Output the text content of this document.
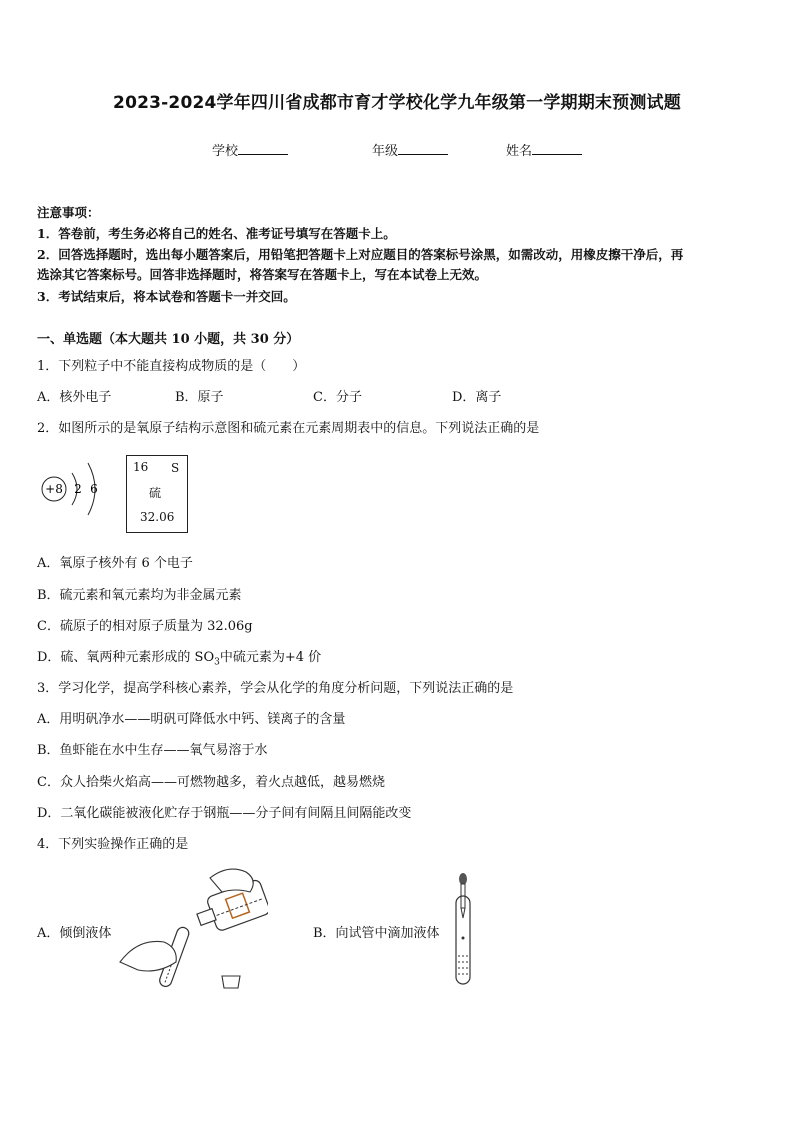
2023-2024学年四川省成都市育才学校化学九年级第一学期期末预测试题
学校	年级	姓名
注意事项：
1．答卷前，考生务必将自己的姓名、准考证号填写在答题卡上。
2．回答选择题时，选出每小题答案后，用铅笔把答题卡上对应题目的答案标号涂黑，如需改动，用橡皮擦干净后，再
选涂其它答案标号。回答非选择题时，将答案写在答题卡上，写在本试卷上无效。
3．考试结束后，将本试卷和答题卡一并交回。
一、单选题（本大题共 10 小题，共 30 分）
1．下列粒子中不能直接构成物质的是（　　）
A．核外电子	B．原子	C．分子	D．离子
2．如图所示的是氧原子结构示意图和硫元素在元素周期表中的信息。下列说法正确的是
+8 2 6
16 S
硫
32.06
A．氧原子核外有 6 个电子
B．硫元素和氧元素均为非金属元素
C．硫原子的相对原子质量为 32.06g
D．硫、氧两种元素形成的 $SO_3$中硫元素为+4 价
3．学习化学，提高学科核心素养，学会从化学的角度分析问题，下列说法正确的是
A．用明矾净水——明矾可降低水中钙、镁离子的含量
B．鱼虾能在水中生存——氧气易溶于水
C．众人拾柴火焰高——可燃物越多，着火点越低，越易燃烧
D．二氧化碳能被液化贮存于钢瓶——分子间有间隔且间隔能改变
4．下列实验操作正确的是
A．倾倒液体	B．向试管中滴加液体
